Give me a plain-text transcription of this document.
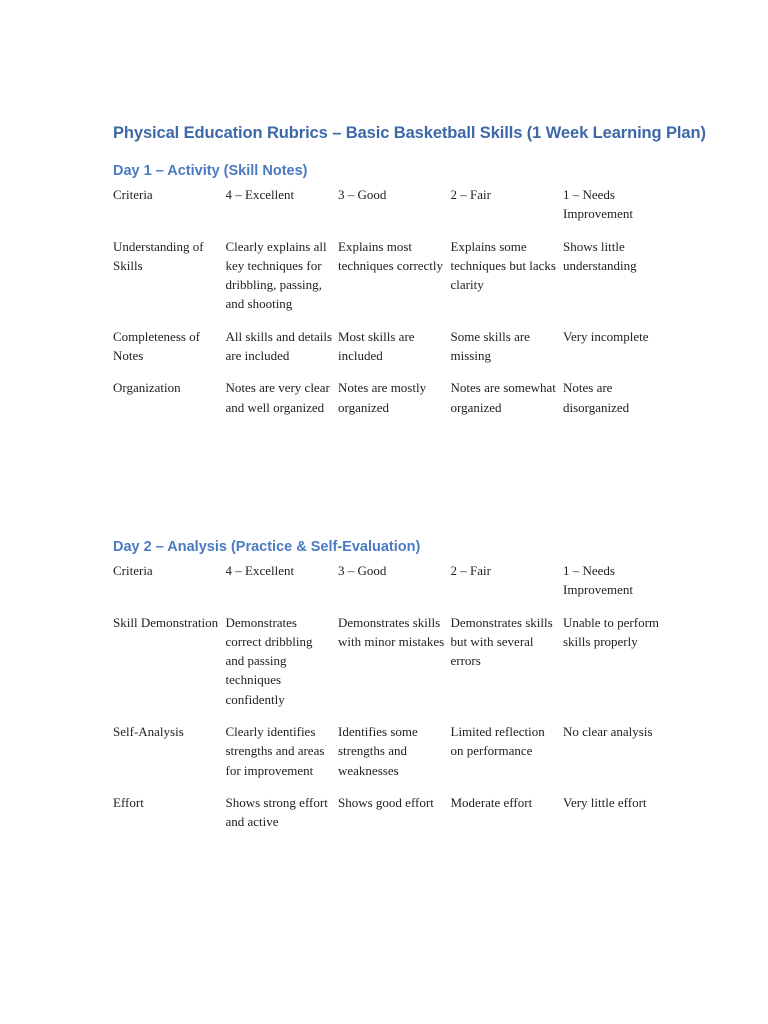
Physical Education Rubrics – Basic Basketball Skills (1 Week Learning Plan)
Day 1 – Activity (Skill Notes)
Criteria	4 – Excellent	3 – Good	2 – Fair	1 – Needs Improvement
Understanding of Skills	Clearly explains all key techniques for dribbling, passing, and shooting	Explains most techniques correctly	Explains some techniques but lacks clarity	Shows little understanding
Completeness of Notes	All skills and details are included	Most skills are included	Some skills are missing	Very incomplete
Organization	Notes are very clear and well organized	Notes are mostly organized	Notes are somewhat organized	Notes are disorganized
Day 2 – Analysis (Practice & Self-Evaluation)
Criteria	4 – Excellent	3 – Good	2 – Fair	1 – Needs Improvement
Skill Demonstration	Demonstrates correct dribbling and passing techniques confidently	Demonstrates skills with minor mistakes	Demonstrates skills but with several errors	Unable to perform skills properly
Self-Analysis	Clearly identifies strengths and areas for improvement	Identifies some strengths and weaknesses	Limited reflection on performance	No clear analysis
Effort	Shows strong effort and active	Shows good effort	Moderate effort	Very little effort
